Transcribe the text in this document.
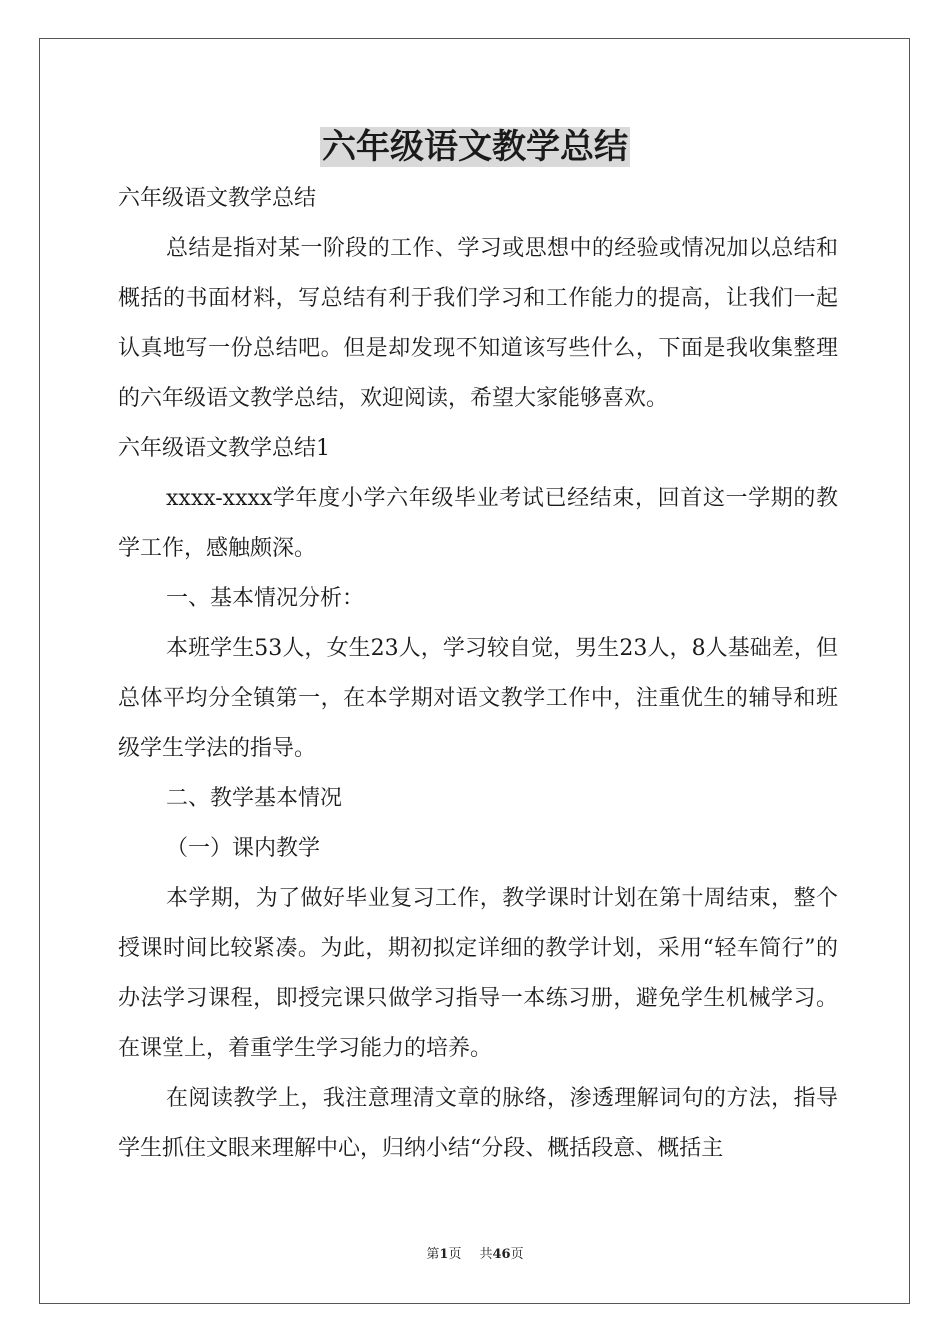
六年级语文教学总结

六年级语文教学总结

总结是指对某一阶段的工作、学习或思想中的经验或情况加以总结和概括的书面材料，写总结有利于我们学习和工作能力的提高，让我们一起认真地写一份总结吧。但是却发现不知道该写些什么，下面是我收集整理的六年级语文教学总结，欢迎阅读，希望大家能够喜欢。

六年级语文教学总结1

xxxx-xxxx学年度小学六年级毕业考试已经结束，回首这一学期的教学工作，感触颇深。

一、基本情况分析：

本班学生53人，女生23人，学习较自觉，男生23人，8人基础差，但总体平均分全镇第一，在本学期对语文教学工作中，注重优生的辅导和班级学生学法的指导。

二、教学基本情况

（一）课内教学

本学期，为了做好毕业复习工作，教学课时计划在第十周结束，整个授课时间比较紧凑。为此，期初拟定详细的教学计划，采用“轻车简行”的办法学习课程，即授完课只做学习指导一本练习册，避免学生机械学习。在课堂上，着重学生学习能力的培养。

在阅读教学上，我注意理清文章的脉络，渗透理解词句的方法，指导学生抓住文眼来理解中心，归纳小结“分段、概括段意、概括主

第1页 共46页
